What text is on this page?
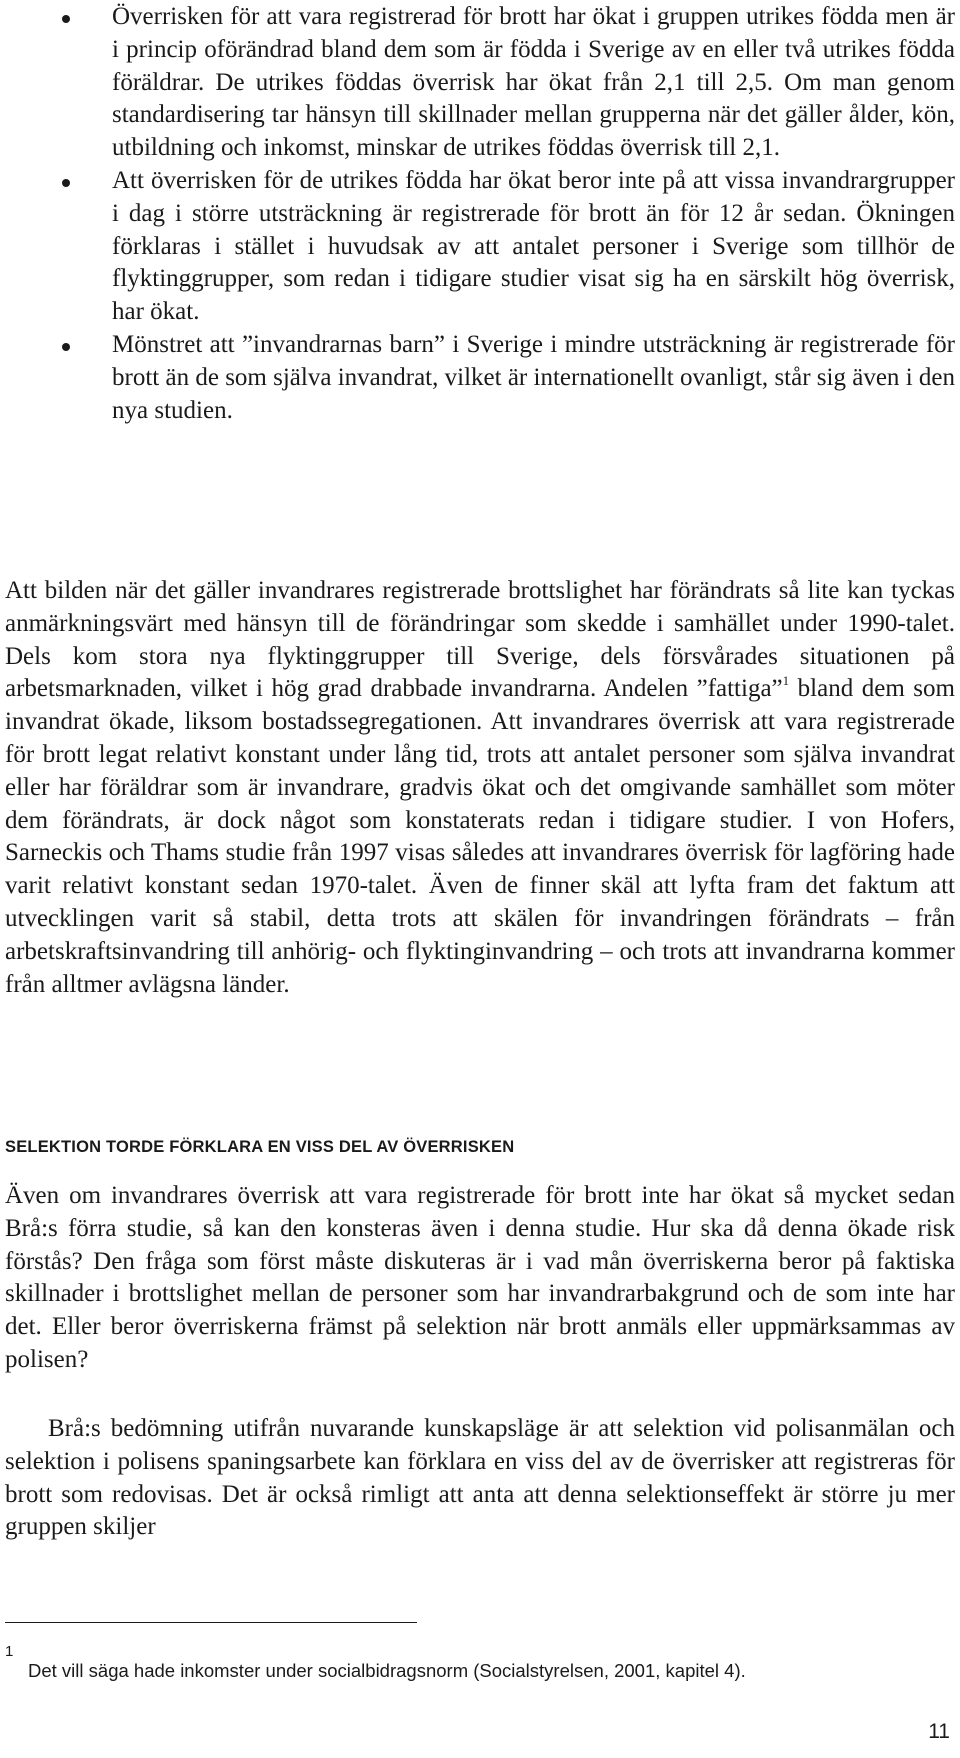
Överrisken för att vara registrerad för brott har ökat i gruppen utrikes födda men är i princip oförändrad bland dem som är födda i Sverige av en eller två utrikes födda föräldrar. De utrikes föddas överrisk har ökat från 2,1 till 2,5. Om man genom standardisering tar hänsyn till skillnader mellan grupperna när det gäller ålder, kön, utbildning och inkomst, minskar de utrikes föddas överrisk till 2,1.
Att överrisken för de utrikes födda har ökat beror inte på att vissa invandrargrupper i dag i större utsträckning är registrerade för brott än för 12 år sedan. Ökningen förklaras i stället i huvudsak av att antalet personer i Sverige som tillhör de flyktinggrupper, som redan i tidigare studier visat sig ha en särskilt hög överrisk, har ökat.
Mönstret att ”invandrarnas barn” i Sverige i mindre utsträckning är registrerade för brott än de som själva invandrat, vilket är internationellt ovanligt, står sig även i den nya studien.

Att bilden när det gäller invandrares registrerade brottslighet har förändrats så lite kan tyckas anmärkningsvärt med hänsyn till de förändringar som skedde i samhället under 1990-talet. Dels kom stora nya flyktinggrupper till Sverige, dels försvårades situationen på arbetsmarknaden, vilket i hög grad drabbade invandrarna. Andelen ”fattiga”$^1$ bland dem som invandrat ökade, liksom bostadssegregationen. Att invandrares överrisk att vara registrerade för brott legat relativt konstant under lång tid, trots att antalet personer som själva invandrat eller har föräldrar som är invandrare, gradvis ökat och det omgivande samhället som möter dem förändrats, är dock något som konstaterats redan i tidigare studier. I von Hofers, Sarneckis och Thams studie från 1997 visas således att invandrares överrisk för lagföring hade varit relativt konstant sedan 1970-talet. Även de finner skäl att lyfta fram det faktum att utvecklingen varit så stabil, detta trots att skälen för invandringen förändrats – från arbetskraftsinvandring till anhörig- och flyktinginvandring – och trots att invandrarna kommer från alltmer avlägsna länder.

SELEKTION TORDE FÖRKLARA EN VISS DEL AV ÖVERRISKEN

Även om invandrares överrisk att vara registrerade för brott inte har ökat så mycket sedan Brå:s förra studie, så kan den konsteras även i denna studie. Hur ska då denna ökade risk förstås? Den fråga som först måste diskuteras är i vad mån överriskerna beror på faktiska skillnader i brottslighet mellan de personer som har invandrarbakgrund och de som inte har det. Eller beror överriskerna främst på selektion när brott anmäls eller uppmärksammas av polisen?

Brå:s bedömning utifrån nuvarande kunskapsläge är att selektion vid polisanmälan och selektion i polisens spaningsarbete kan förklara en viss del av de överrisker att registreras för brott som redovisas. Det är också rimligt att anta att denna selektionseffekt är större ju mer gruppen skiljer

1
Det vill säga hade inkomster under socialbidragsnorm (Socialstyrelsen, 2001, kapitel 4).
11
